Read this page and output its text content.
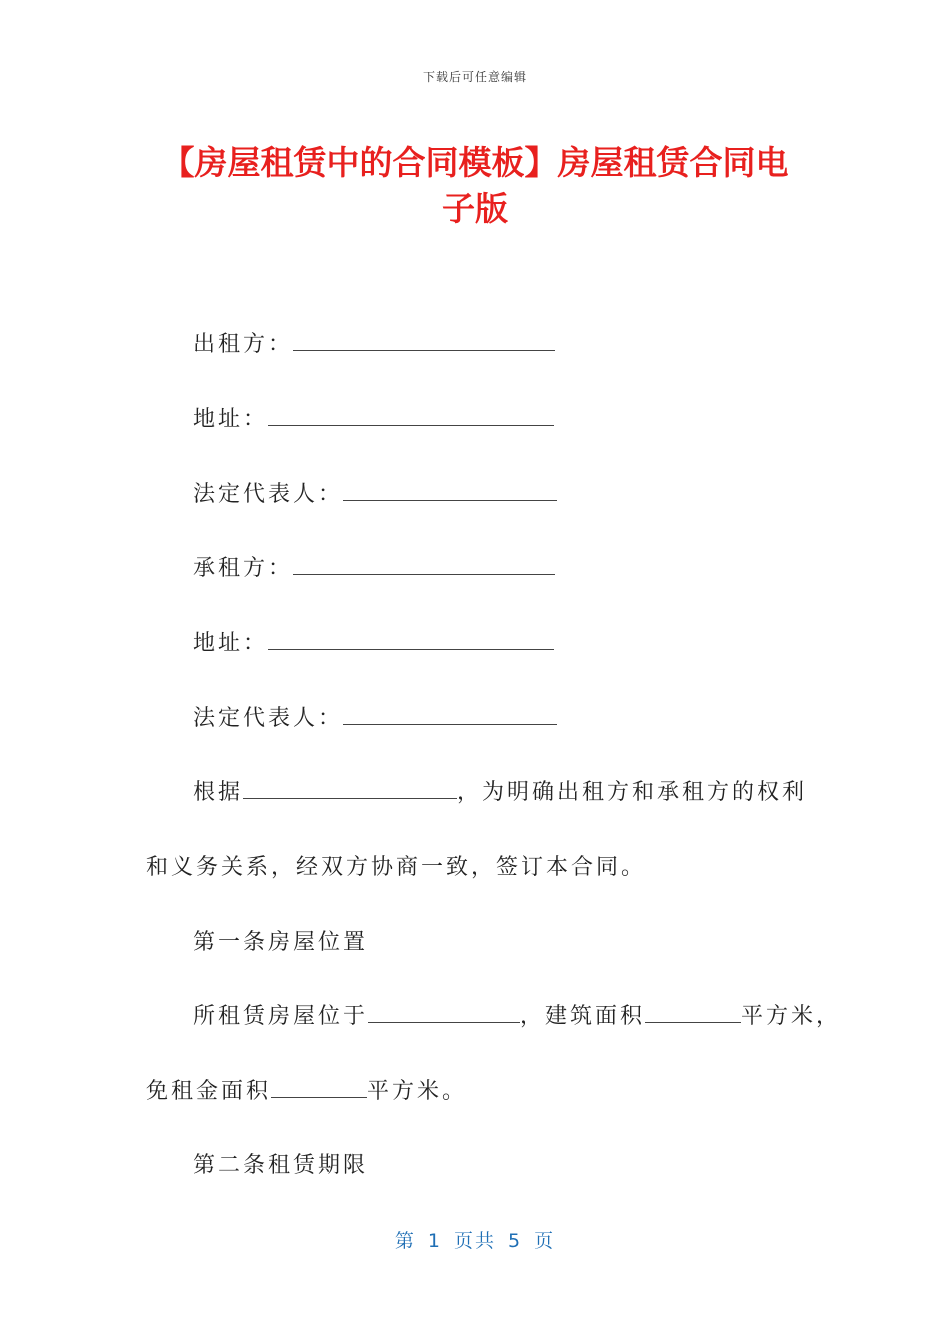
下载后可任意编辑
【房屋租赁中的合同模板】房屋租赁合同电子版
出租方：
地址：
法定代表人：
承租方：
地址：
法定代表人：
根据	，为明确出租方和承租方的权利
和义务关系，经双方协商一致，签订本合同。
第一条房屋位置
所租赁房屋位于	，建筑面积	平方米，
免租金面积	平方米。
第二条租赁期限
第 1 页共 5 页
